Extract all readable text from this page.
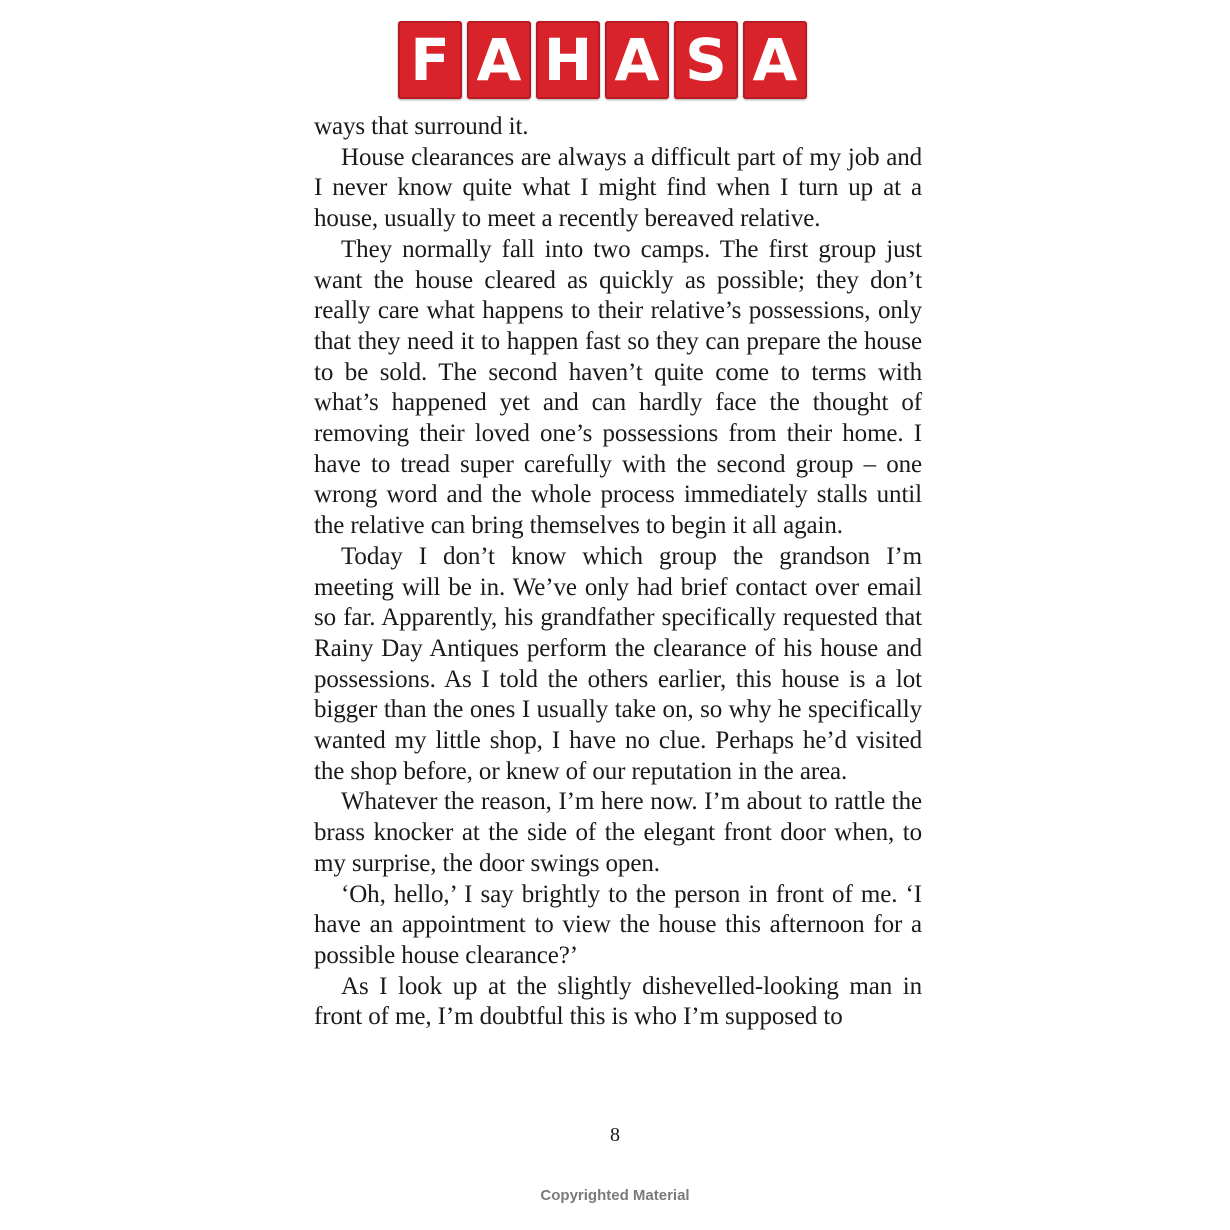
F A H A S A

ways that surround it.

House clearances are always a difficult part of my job and I never know quite what I might find when I turn up at a house, usually to meet a recently bereaved relative.

They normally fall into two camps. The first group just want the house cleared as quickly as possible; they don’t really care what happens to their relative’s possessions, only that they need it to happen fast so they can prepare the house to be sold. The second haven’t quite come to terms with what’s happened yet and can hardly face the thought of removing their loved one’s possessions from their home. I have to tread super carefully with the second group – one wrong word and the whole process immediately stalls until the relative can bring themselves to begin it all again.

Today I don’t know which group the grandson I’m meeting will be in. We’ve only had brief contact over email so far. Apparently, his grandfather specifically requested that Rainy Day Antiques perform the clearance of his house and possessions. As I told the others earlier, this house is a lot bigger than the ones I usually take on, so why he specifically wanted my little shop, I have no clue. Perhaps he’d visited the shop before, or knew of our reputation in the area.

Whatever the reason, I’m here now. I’m about to rattle the brass knocker at the side of the elegant front door when, to my surprise, the door swings open.

‘Oh, hello,’ I say brightly to the person in front of me. ‘I have an appointment to view the house this afternoon for a possible house clearance?’

As I look up at the slightly dishevelled-looking man in front of me, I’m doubtful this is who I’m supposed to

8
Copyrighted Material
